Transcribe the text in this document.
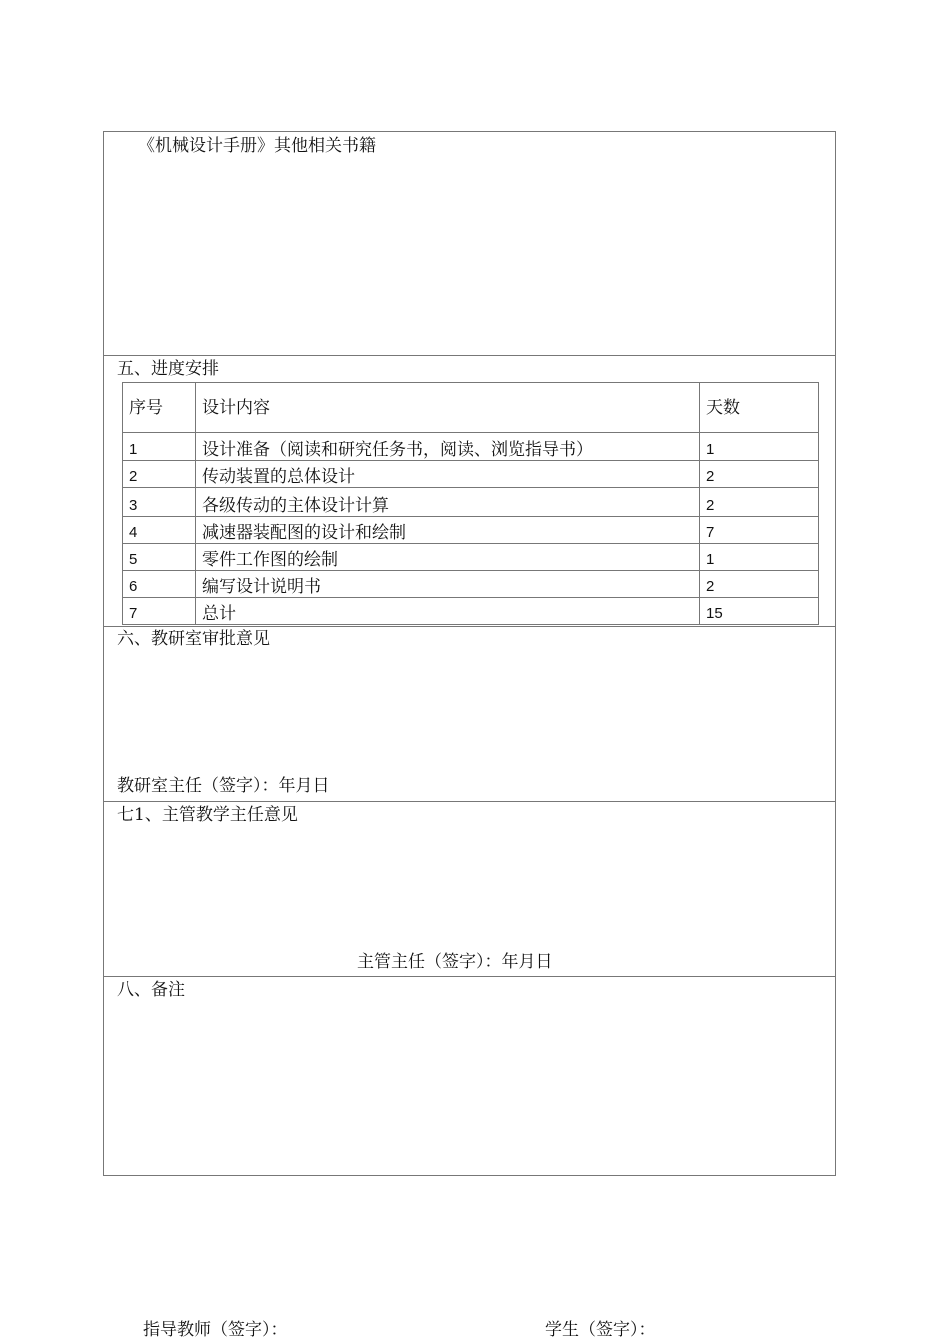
《机械设计手册》其他相关书籍
五、进度安排
序号	设计内容	天数
1	设计准备（阅读和研究任务书，阅读、浏览指导书）	1
2	传动装置的总体设计	2
3	各级传动的主体设计计算	2
4	减速器装配图的设计和绘制	7
5	零件工作图的绘制	1
6	编写设计说明书	2
7	总计	15
六、教研室审批意见
教研室主任（签字）：年月日
七1、主管教学主任意见
主管主任（签字）：年月日
八、备注
指导教师（签字）：	学生（签字）：
